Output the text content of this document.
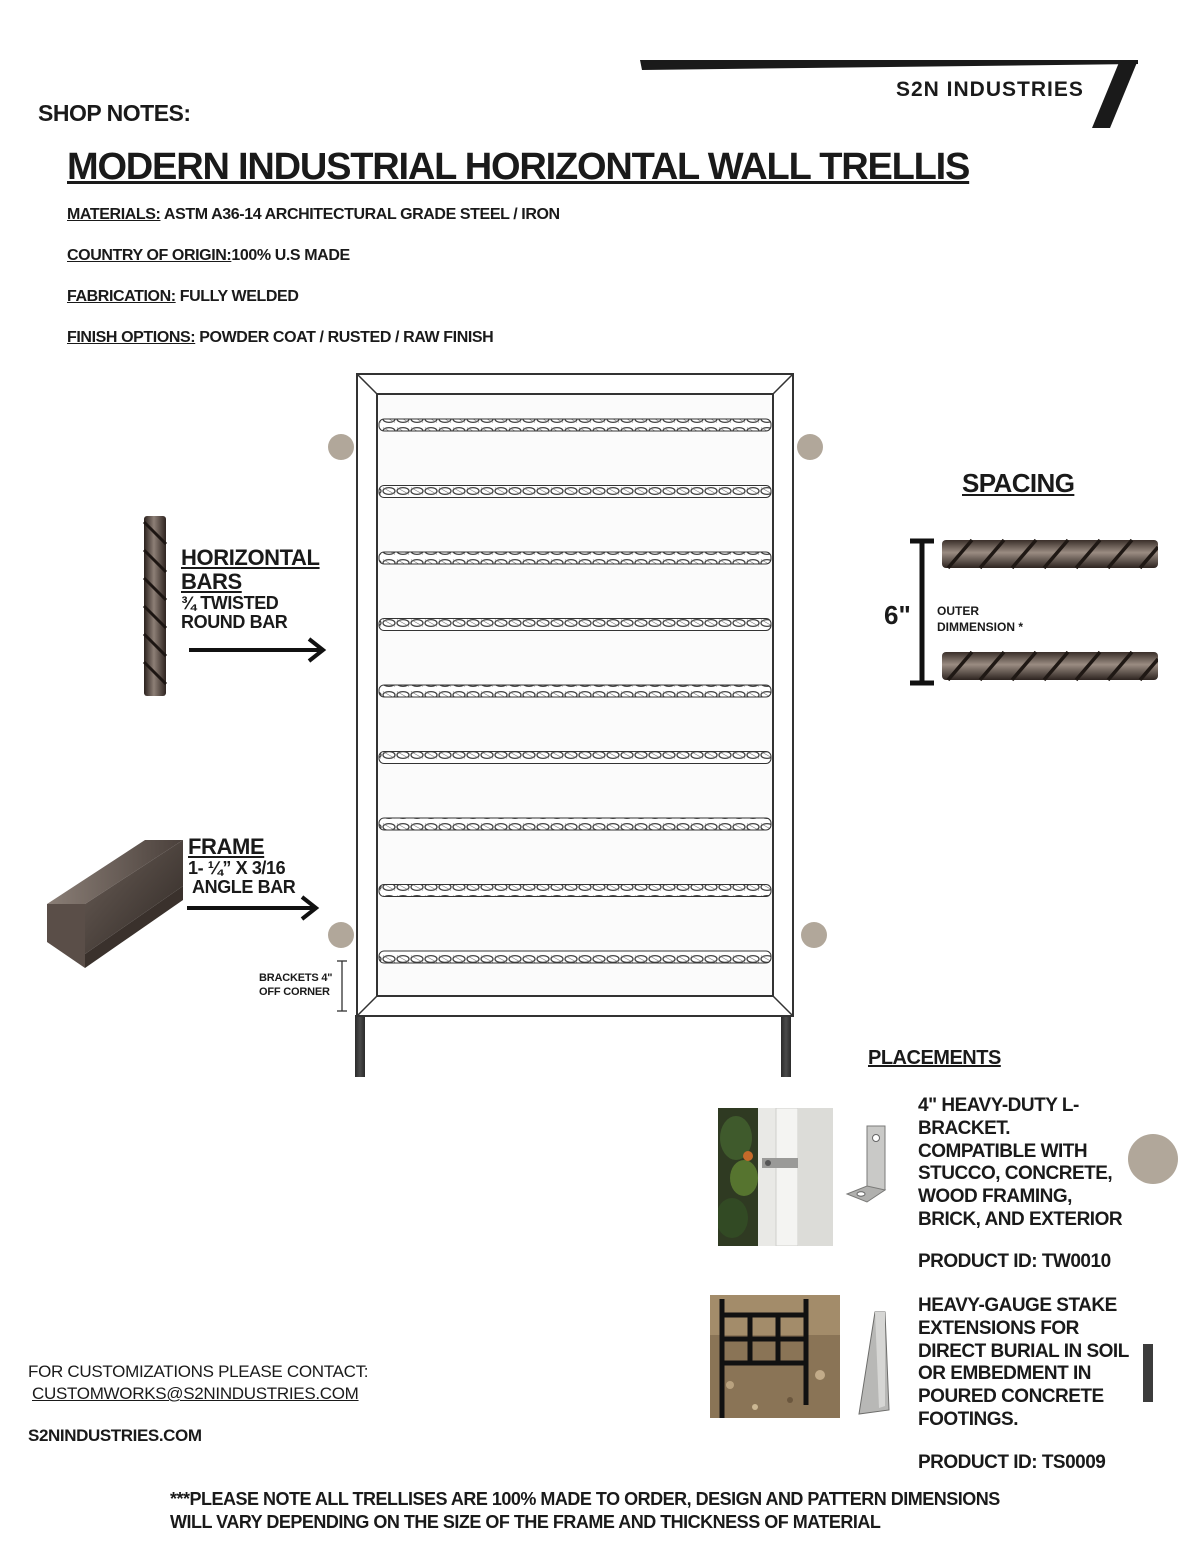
S2N INDUSTRIES
SHOP NOTES:
MODERN INDUSTRIAL HORIZONTAL WALL TRELLIS
MATERIALS: ASTM A36-14 ARCHITECTURAL GRADE STEEL / IRON
COUNTRY OF ORIGIN:100% U.S MADE
FABRICATION: FULLY WELDED
FINISH OPTIONS: POWDER COAT / RUSTED / RAW FINISH
HORIZONTAL
BARS
¾ TWISTED
ROUND BAR
FRAME
1- ¼” X 3/16
ANGLE BAR
BRACKETS 4"
OFF CORNER
SPACING
6" OUTER
DIMMENSION *
PLACEMENTS
4" HEAVY-DUTY L-
BRACKET.
COMPATIBLE WITH
STUCCO, CONCRETE,
WOOD FRAMING,
BRICK, AND EXTERIOR
PRODUCT ID: TW0010
HEAVY-GAUGE STAKE
EXTENSIONS FOR
DIRECT BURIAL IN SOIL
OR EMBEDMENT IN
POURED CONCRETE
FOOTINGS.
PRODUCT ID: TS0009
FOR CUSTOMIZATIONS PLEASE CONTACT:
CUSTOMWORKS@S2NINDUSTRIES.COM
S2NINDUSTRIES.COM
***PLEASE NOTE ALL TRELLISES ARE 100% MADE TO ORDER, DESIGN AND PATTERN DIMENSIONS
WILL VARY DEPENDING ON THE SIZE OF THE FRAME AND THICKNESS OF MATERIAL
